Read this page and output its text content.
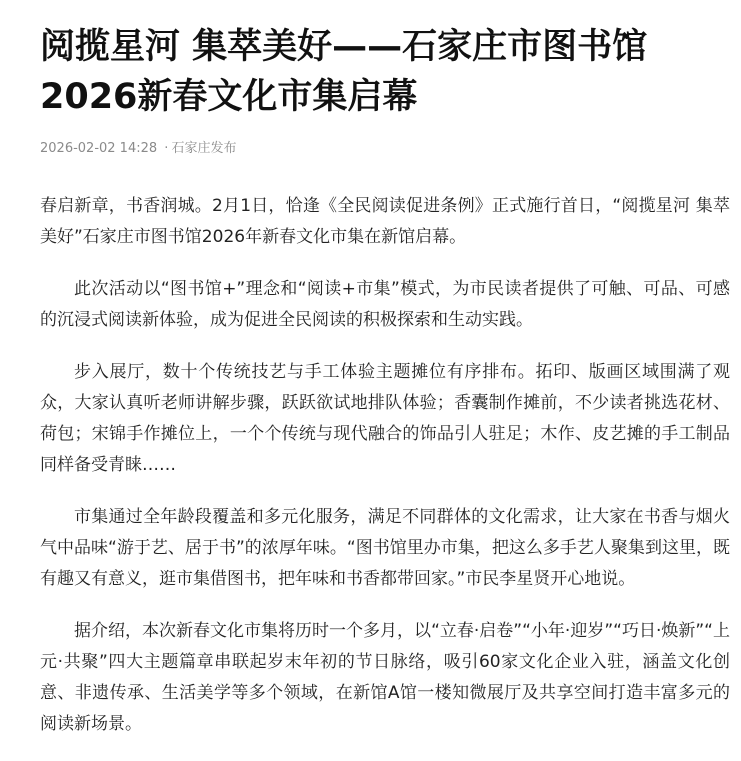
阅揽星河 集萃美好——石家庄市图书馆2026新春文化市集启幕
2026-02-02 14:28 · 石家庄发布

春启新章，书香润城。2月1日，恰逢《全民阅读促进条例》正式施行首日，“阅揽星河 集萃美好”石家庄市图书馆2026年新春文化市集在新馆启幕。

此次活动以“图书馆+”理念和“阅读+市集”模式，为市民读者提供了可触、可品、可感的沉浸式阅读新体验，成为促进全民阅读的积极探索和生动实践。

步入展厅，数十个传统技艺与手工体验主题摊位有序排布。拓印、版画区域围满了观众，大家认真听老师讲解步骤，跃跃欲试地排队体验；香囊制作摊前，不少读者挑选花材、荷包；宋锦手作摊位上，一个个传统与现代融合的饰品引人驻足；木作、皮艺摊的手工制品同样备受青睐……

市集通过全年龄段覆盖和多元化服务，满足不同群体的文化需求，让大家在书香与烟火气中品味“游于艺、居于书”的浓厚年味。“图书馆里办市集，把这么多手艺人聚集到这里，既有趣又有意义，逛市集借图书，把年味和书香都带回家。”市民李星贤开心地说。

据介绍，本次新春文化市集将历时一个多月，以“立春·启卷”“小年·迎岁”“巧日·焕新”“上元·共聚”四大主题篇章串联起岁末年初的节日脉络，吸引60家文化企业入驻，涵盖文化创意、非遗传承、生活美学等多个领域，在新馆A馆一楼知微展厅及共享空间打造丰富多元的阅读新场景。
